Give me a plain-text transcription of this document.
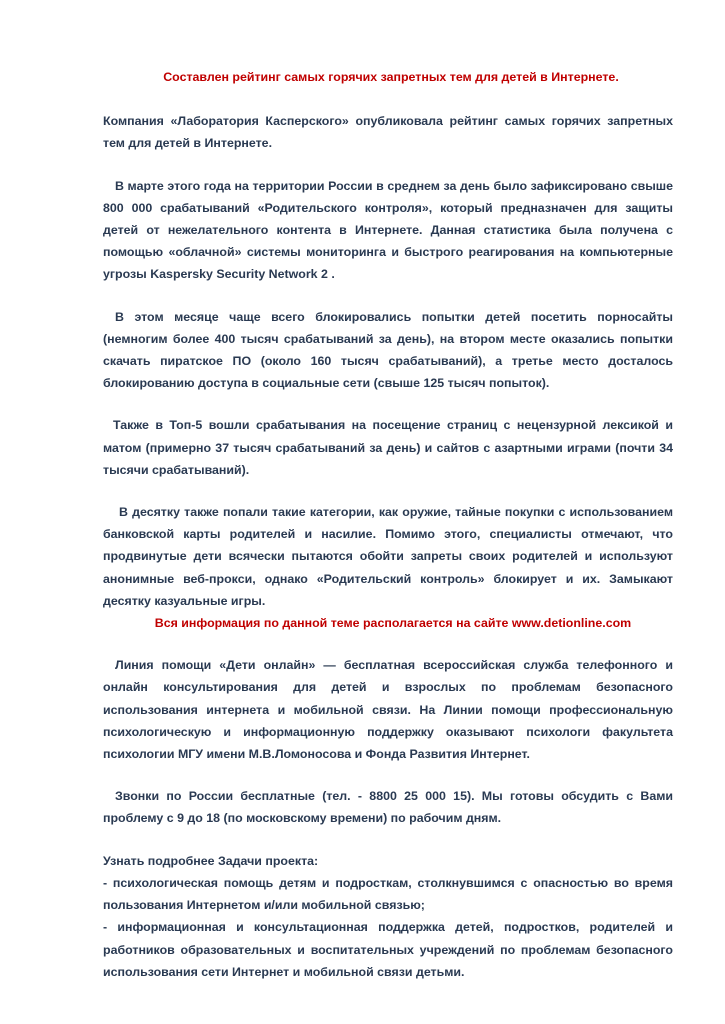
Составлен рейтинг самых горячих запретных тем для детей в Интернете.

Компания «Лаборатория Касперского» опубликовала рейтинг самых горячих запретных тем для детей в Интернете.

В марте этого года на территории России в среднем за день было зафиксировано свыше 800 000 срабатываний «Родительского контроля», который предназначен для защиты детей от нежелательного контента в Интернете. Данная статистика была получена с помощью «облачной» системы мониторинга и быстрого реагирования на компьютерные угрозы Kaspersky Security Network 2 .

В этом месяце чаще всего блокировались попытки детей посетить порносайты (немногим более 400 тысяч срабатываний за день), на втором месте оказались попытки скачать пиратское ПО (около 160 тысяч срабатываний), а третье место досталось блокированию доступа в социальные сети (свыше 125 тысяч попыток).

Также в Топ-5 вошли срабатывания на посещение страниц с нецензурной лексикой и матом (примерно 37 тысяч срабатываний за день) и сайтов с азартными играми (почти 34 тысячи срабатываний).

В десятку также попали такие категории, как оружие, тайные покупки с использованием банковской карты родителей и насилие. Помимо этого, специалисты отмечают, что продвинутые дети всячески пытаются обойти запреты своих родителей и используют анонимные веб-прокси, однако «Родительский контроль» блокирует и их. Замыкают десятку казуальные игры.

Вся информация по данной теме располагается на сайте www.detionline.com

Линия помощи «Дети онлайн» — бесплатная всероссийская служба телефонного и онлайн консультирования для детей и взрослых по проблемам безопасного использования интернета и мобильной связи. На Линии помощи профессиональную психологическую и информационную поддержку оказывают психологи факультета психологии МГУ имени М.В.Ломоносова и Фонда Развития Интернет.

Звонки по России бесплатные (тел. - 8800 25 000 15). Мы готовы обсудить с Вами проблему с 9 до 18 (по московскому времени) по рабочим дням.

Узнать подробнее Задачи проекта:

- психологическая помощь детям и подросткам, столкнувшимся с опасностью во время пользования Интернетом и/или мобильной связью;

- информационная и консультационная поддержка детей, подростков, родителей и работников образовательных и воспитательных учреждений по проблемам безопасного использования сети Интернет и мобильной связи детьми.
